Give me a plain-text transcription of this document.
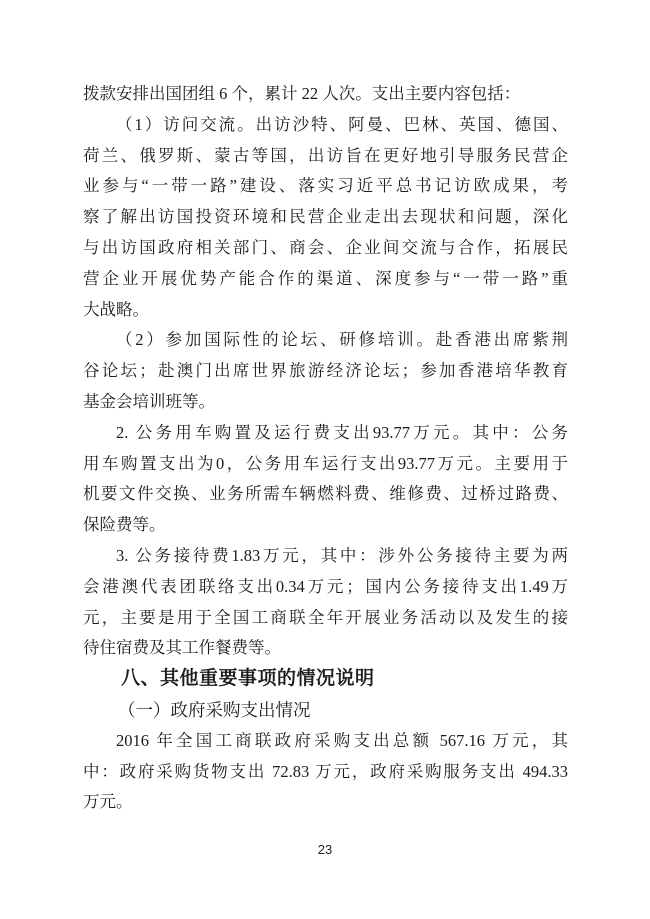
拨款安排出国团组 6 个，累计 22 人次。支出主要内容包括：
（1）访问交流。出访沙特、阿曼、巴林、英国、德国、
荷兰、俄罗斯、蒙古等国，出访旨在更好地引导服务民营企
业参与“一带一路”建设、落实习近平总书记访欧成果，考
察了解出访国投资环境和民营企业走出去现状和问题，深化
与出访国政府相关部门、商会、企业间交流与合作，拓展民
营企业开展优势产能合作的渠道、深度参与“一带一路”重
大战略。
（2）参加国际性的论坛、研修培训。赴香港出席紫荆
谷论坛；赴澳门出席世界旅游经济论坛；参加香港培华教育
基金会培训班等。
2. 公务用车购置及运行费支出93.77万元。其中：公务
用车购置支出为0，公务用车运行支出93.77万元。主要用于
机要文件交换、业务所需车辆燃料费、维修费、过桥过路费、
保险费等。
3. 公务接待费1.83万元，其中：涉外公务接待主要为两
会港澳代表团联络支出0.34万元；国内公务接待支出1.49万
元，主要是用于全国工商联全年开展业务活动以及发生的接
待住宿费及其工作餐费等。
八、其他重要事项的情况说明
（一）政府采购支出情况
2016 年全国工商联政府采购支出总额 567.16 万元，其
中：政府采购货物支出 72.83 万元，政府采购服务支出 494.33
万元。
23
